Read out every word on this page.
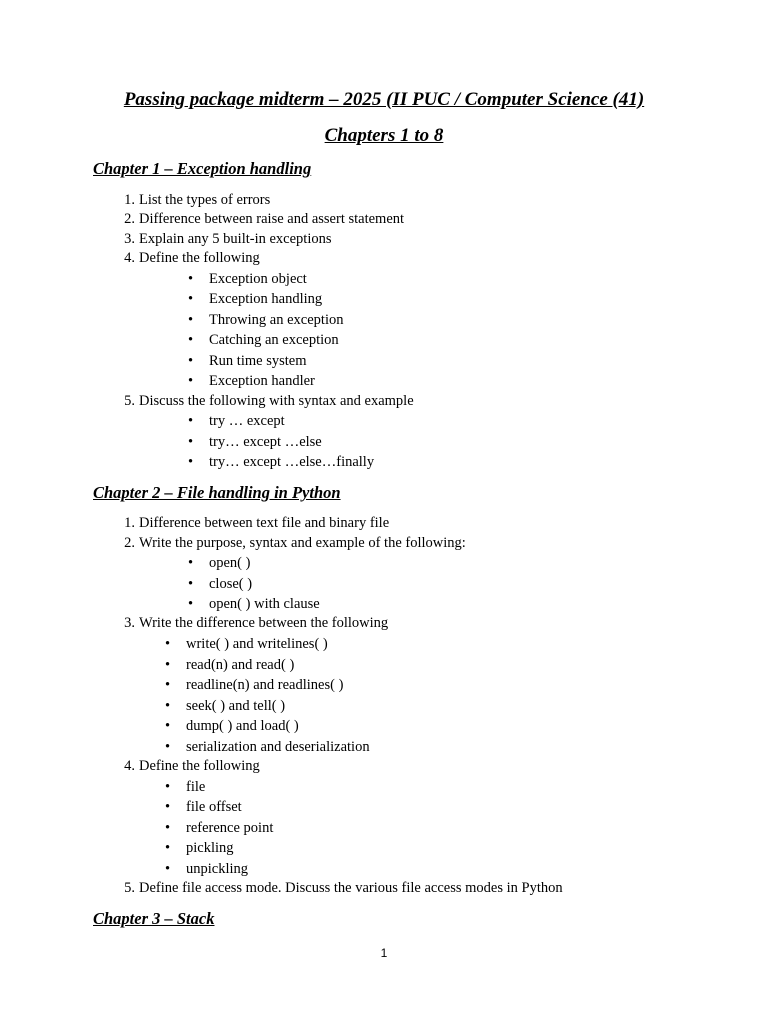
Passing package midterm – 2025 (II PUC / Computer Science (41)
Chapters 1 to 8
Chapter 1 – Exception handling
1. List the types of errors
2. Difference between raise and assert statement
3. Explain any 5 built-in exceptions
4. Define the following
• Exception object
• Exception handling
• Throwing an exception
• Catching an exception
• Run time system
• Exception handler
5. Discuss the following with syntax and example
• try … except
• try… except …else
• try… except …else…finally
Chapter 2 – File handling in Python
1. Difference between text file and binary file
2. Write the purpose, syntax and example of the following:
• open( )
• close( )
• open( ) with clause
3. Write the difference between the following
• write( ) and writelines( )
• read(n) and read( )
• readline(n) and readlines( )
• seek( ) and tell( )
• dump( ) and load( )
• serialization and deserialization
4. Define the following
• file
• file offset
• reference point
• pickling
• unpickling
5. Define file access mode. Discuss the various file access modes in Python
Chapter 3 – Stack
1
